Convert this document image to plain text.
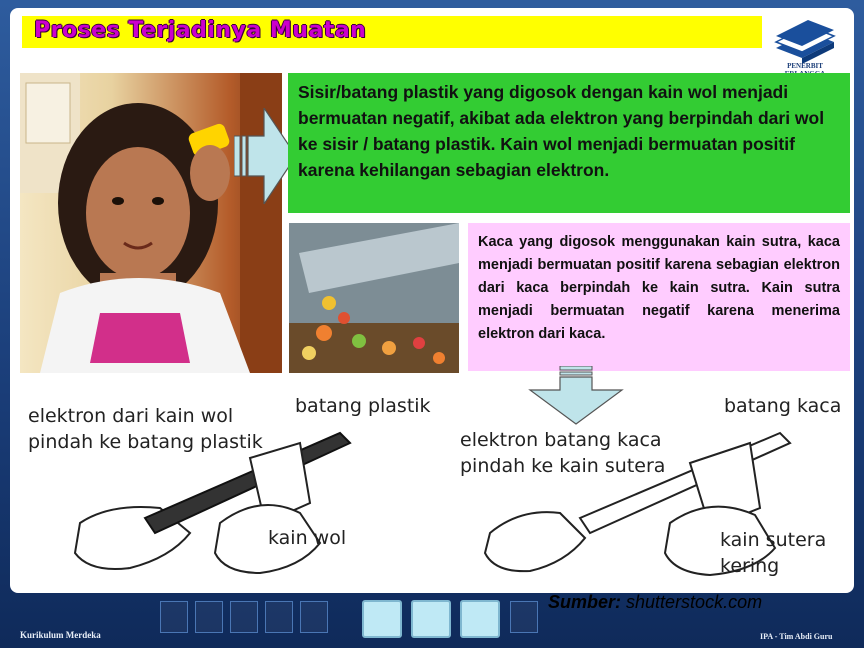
Proses Terjadinya Muatan
PENERBIT
Sisir/batang plastik yang digosok dengan kain wol menjadi bermuatan negatif, akibat ada elektron yang berpindah dari wol ke sisir / batang plastik. Kain wol menjadi bermuatan positif karena kehilangan sebagian elektron.
Kaca yang digosok menggunakan kain sutra, kaca menjadi bermuatan positif karena sebagian elektron dari kaca berpindah ke kain sutra. Kain sutra menjadi bermuatan negatif karena menerima elektron dari kaca.
elektron dari kain wol
pindah ke batang plastik
batang plastik
kain wol
elektron batang kaca
pindah ke kain sutera
batang kaca
kain sutera
kering
Sumber: shutterstock.com
Kurikulum Merdeka	IPA - Tim Abdi Guru
